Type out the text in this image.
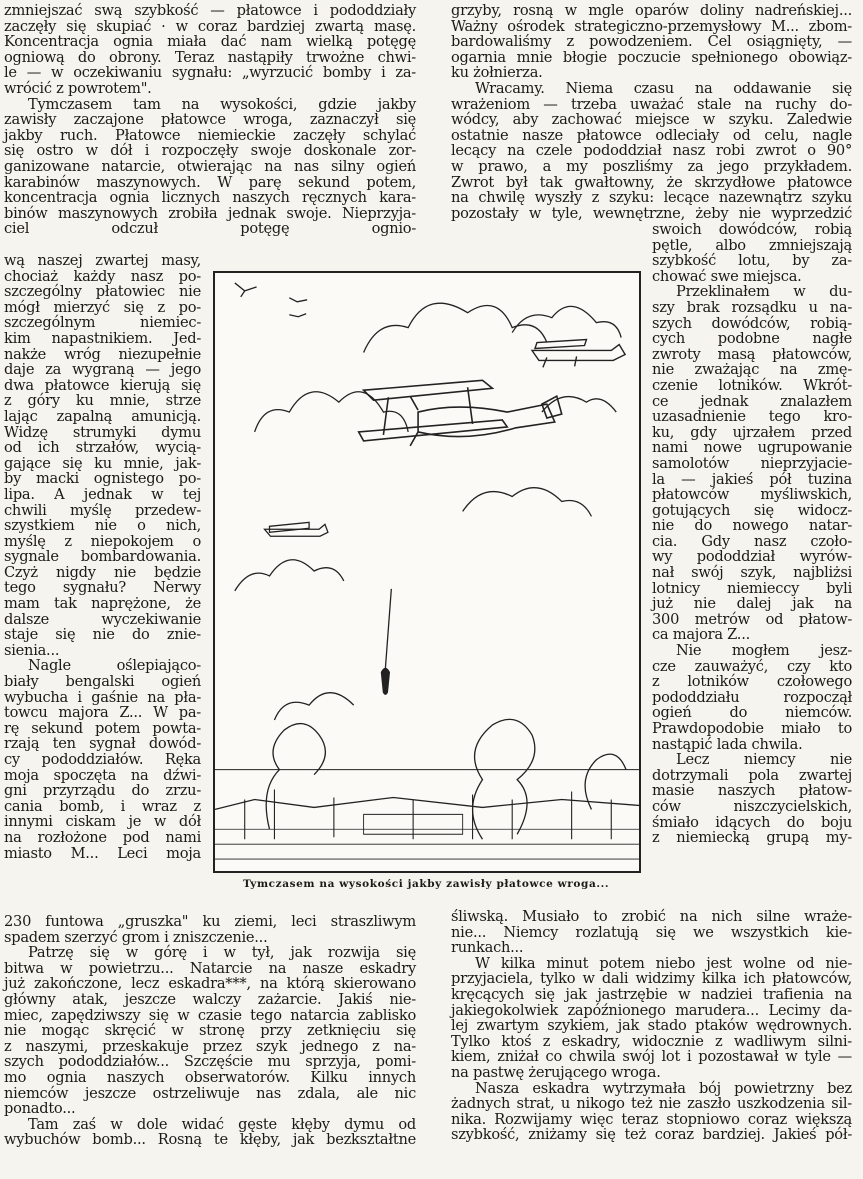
zmniejszać swą szybkość — płatowce i pododdziały
zaczęły się skupiać · w coraz bardziej zwartą masę.
Koncentracja ognia miała dać nam wielką potęgę
ogniową do obrony. Teraz nastąpiły trwożne chwi-
le — w oczekiwaniu sygnału: „wyrzucić bomby i za-
wrócić z powrotem".
Tymczasem tam na wysokości, gdzie jakby
zawisły zaczajone płatowce wroga, zaznaczył się
jakby ruch. Płatowce niemieckie zaczęły schylać
się ostro w dół i rozpoczęły swoje doskonale zor-
ganizowane natarcie, otwierając na nas silny ogień
karabinów maszynowych. W parę sekund potem,
koncentracja ognia licznych naszych ręcznych kara-
binów maszynowych zrobiła jednak swoje. Nieprzyja-
ciel odczuł potęgę ognio-
wą naszej zwartej masy,
chociaż każdy nasz po-
szczególny płatowiec nie
mógł mierzyć się z po-
szczególnym niemiec-
kim napastnikiem. Jed-
nakże wróg niezupełnie
daje za wygraną — jego
dwa płatowce kierują się
z góry ku mnie, strze
lając zapalną amunicją.
Widzę strumyki dymu
od ich strzałów, wycią-
gające się ku mnie, jak-
by macki ognistego po-
lipa. A jednak w tej
chwili myślę przedew-
szystkiem nie o nich,
myślę z niepokojem o
sygnale bombardowania.
Czyż nigdy nie będzie
tego sygnału? Nerwy
mam tak naprężone, że
dalsze wyczekiwanie
staje się nie do znie-
sienia...
Nagle oślepiająco-
biały bengalski ogień
wybucha i gaśnie na pła-
towcu majora Z... W pa-
rę sekund potem powta-
rzają ten sygnał dowód-
cy pododdziałów. Ręka
moja spoczęta na dźwi-
gni przyrządu do zrzu-
cania bomb, i wraz z
innymi ciskam je w dół
na rozłożone pod nami
miasto M... Leci moja
230 funtowa „gruszka" ku ziemi, leci straszliwym
spadem szerzyć grom i zniszczenie...
Patrzę się w górę i w tył, jak rozwija się
bitwa w powietrzu... Natarcie na nasze eskadry
już zakończone, lecz eskadra***, na którą skierowano
główny atak, jeszcze walczy zażarcie. Jakiś nie-
miec, zapędziwszy się w czasie tego natarcia zablisko
nie mogąc skręcić w stronę przy zetknięciu się
z naszymi, przeskakuje przez szyk jednego z na-
szych pododdziałów... Szczęście mu sprzyja, pomi-
mo ognia naszych obserwatorów. Kilku innych
niemców jeszcze ostrzeliwuje nas zdala, ale nic
ponadto...
Tam zaś w dole widać gęste kłęby dymu od
wybuchów bomb... Rosną te kłęby, jak bezkształtne
grzyby, rosną w mgle oparów doliny nadreńskiej...
Ważny ośrodek strategiczno-przemysłowy M... zbom-
bardowaliśmy z powodzeniem. Cel osiągnięty, —
ogarnia mnie błogie poczucie spełnionego obowiąz-
ku żołnierza.
Wracamy. Niema czasu na oddawanie się
wrażeniom — trzeba uważać stale na ruchy do-
wódcy, aby zachować miejsce w szyku. Zaledwie
ostatnie nasze płatowce odleciały od celu, nagle
lecący na czele pododdział nasz robi zwrot o 90°
w prawo, a my poszliśmy za jego przykładem.
Zwrot był tak gwałtowny, że skrzydłowe płatowce
na chwilę wyszły z szyku: lecące nazewnątrz szyku
pozostały w tyle, wewnętrzne, żeby nie wyprzedzić
swoich dowódców, robią
pętle, albo zmniejszają
szybkość lotu, by za-
chować swe miejsca.
Przeklinałem w du-
szy brak rozsądku u na-
szych dowódców, robią-
cych podobne nagłe
zwroty masą płatowców,
nie zważając na zmę-
czenie lotników. Wkrót-
ce jednak znalazłem
uzasadnienie tego kro-
ku, gdy ujrzałem przed
nami nowe ugrupowanie
samolotów nieprzyjacie-
la — jakieś pół tuzina
płatowców myśliwskich,
gotujących się widocz-
nie do nowego natar-
cia. Gdy nasz czoło-
wy pododdział wyrów-
nał swój szyk, najbliżsi
lotnicy niemieccy byli
już nie dalej jak na
300 metrów od płatow-
ca majora Z...
Nie mogłem jesz-
cze zauważyć, czy kto
z lotników czołowego
pododdziału rozpoczął
ogień do niemców.
Prawdopodobie miało to
nastąpić lada chwila.
Lecz niemcy nie
dotrzymali pola zwartej
masie naszych płatow-
ców niszczycielskich,
śmiało idących do boju
z niemiecką grupą my-
śliwską. Musiało to zrobić na nich silne wraże-
nie... Niemcy rozlatują się we wszystkich kie-
runkach...
W kilka minut potem niebo jest wolne od nie-
przyjaciela, tylko w dali widzimy kilka ich płatowców,
kręcących się jak jastrzębie w nadziei trafienia na
jakiegokolwiek zapóźnionego marudera... Lecimy da-
lej zwartym szykiem, jak stado ptaków wędrownych.
Tylko ktoś z eskadry, widocznie z wadliwym silni-
kiem, zniżał co chwila swój lot i pozostawał w tyle —
na pastwę żerującego wroga.
Nasza eskadra wytrzymała bój powietrzny bez
żadnych strat, u nikogo też nie zaszło uszkodzenia sil-
nika. Rozwijamy więc teraz stopniowo coraz większą
szybkość, zniżamy się też coraz bardziej. Jakieś pół-
Tymczasem na wysokości jakby zawisły płatowce wroga...
